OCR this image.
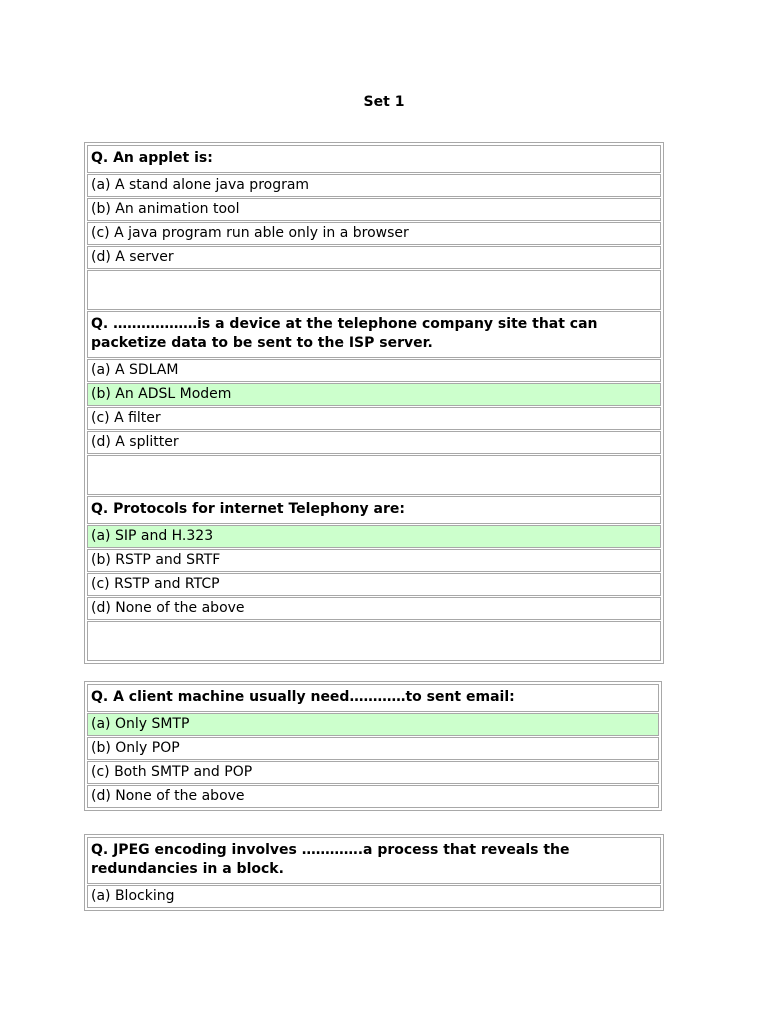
Set 1
Q. An applet is:
(a) A stand alone java program
(b) An animation tool
(c) A java program run able only in a browser
(d) A server
Q. ………………is a device at the telephone company site that can packetize data to be sent to the ISP server.
(a) A SDLAM
(b) An ADSL Modem
(c) A filter
(d) A splitter
Q. Protocols for internet Telephony are:
(a) SIP and H.323
(b) RSTP and SRTF
(c) RSTP and RTCP
(d) None of the above
Q. A client machine usually need…………to sent email:
(a) Only SMTP
(b) Only POP
(c) Both SMTP and POP
(d) None of the above
Q. JPEG encoding involves ………….a process that reveals the redundancies in a block.
(a) Blocking
